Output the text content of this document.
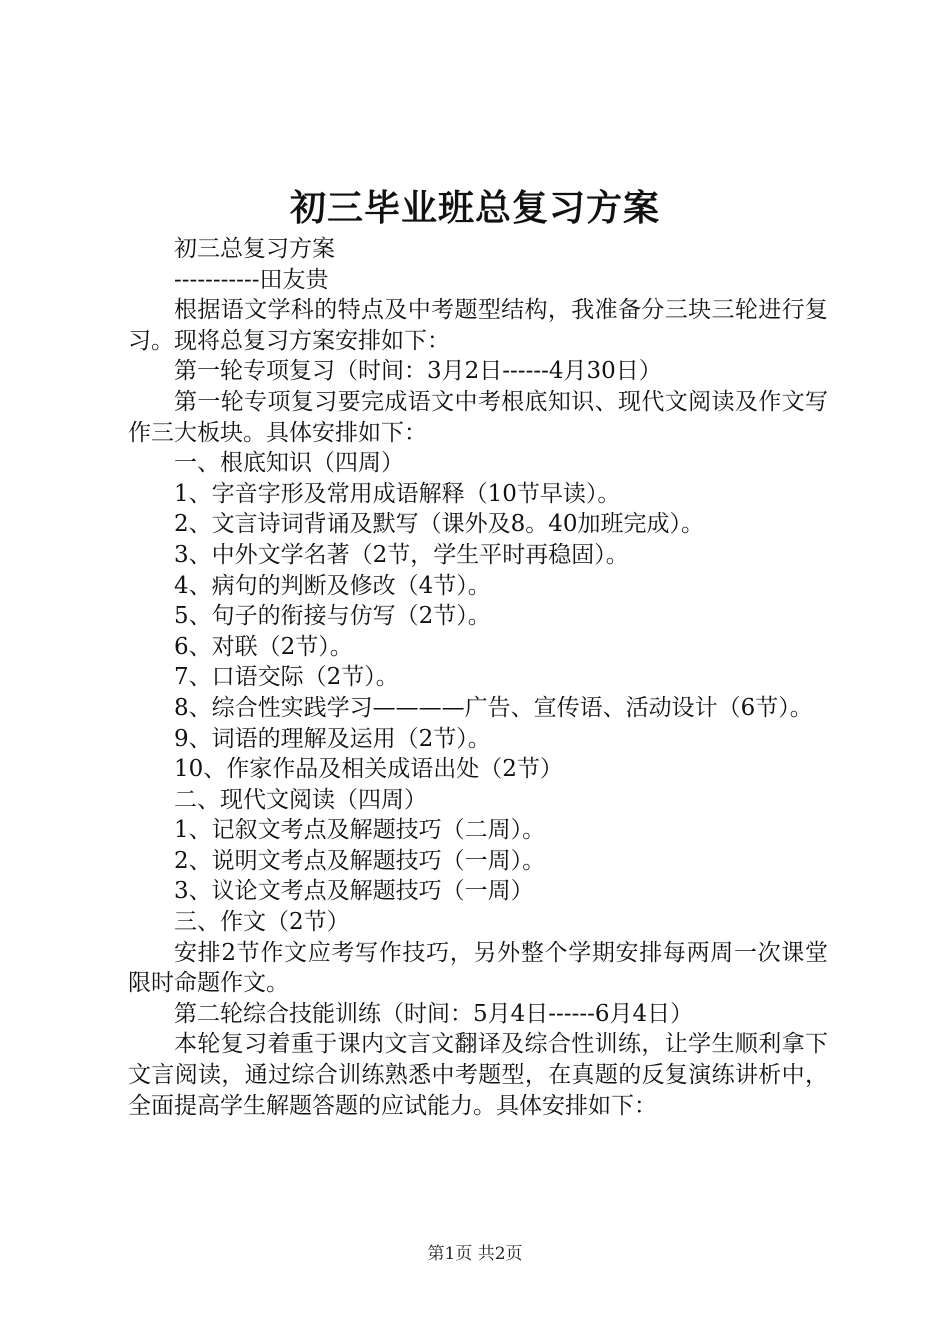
初三毕业班总复习方案

初三总复习方案

-----------田友贵

根据语文学科的特点及中考题型结构，我准备分三块三轮进行复习。现将总复习方案安排如下：

第一轮专项复习（时间：3月2日------4月30日）

第一轮专项复习要完成语文中考根底知识、现代文阅读及作文写作三大板块。具体安排如下：

一、根底知识（四周）

1、字音字形及常用成语解释（10节早读）。

2、文言诗词背诵及默写（课外及8。40加班完成）。

3、中外文学名著（2节，学生平时再稳固）。

4、病句的判断及修改（4节）。

5、句子的衔接与仿写（2节）。

6、对联（2节）。

7、口语交际（2节）。

8、综合性实践学习————广告、宣传语、活动设计（6节）。

9、词语的理解及运用（2节）。

10、作家作品及相关成语出处（2节）

二、现代文阅读（四周）

1、记叙文考点及解题技巧（二周）。

2、说明文考点及解题技巧（一周）。

3、议论文考点及解题技巧（一周）

三、作文（2节）

安排2节作文应考写作技巧，另外整个学期安排每两周一次课堂限时命题作文。

第二轮综合技能训练（时间：5月4日------6月4日）

本轮复习着重于课内文言文翻译及综合性训练，让学生顺利拿下文言阅读，通过综合训练熟悉中考题型，在真题的反复演练讲析中，全面提高学生解题答题的应试能力。具体安排如下：

第1页 共2页
